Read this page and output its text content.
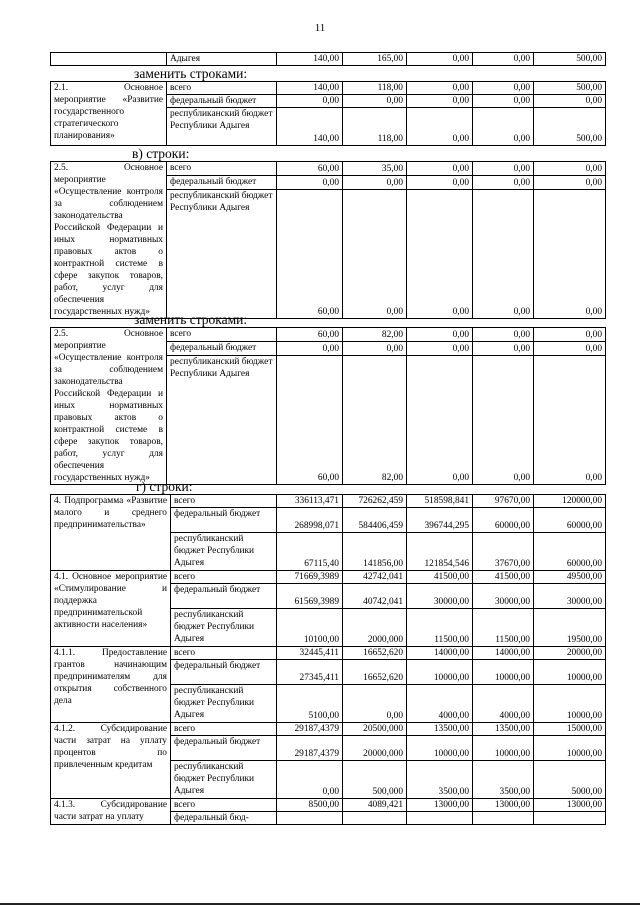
11
	Адыгея	140,00	165,00	0,00	0,00	500,00
заменить строками:
2.1. Основное мероприятие «Развитие государственного стратегического планирования»	всего	140,00	118,00	0,00	0,00	500,00
	федеральный бюджет	0,00	0,00	0,00	0,00	0,00
	республиканский бюджет Республики Адыгея	140,00	118,00	0,00	0,00	500,00
в) строки:
2.5. Основное мероприятие «Осуществление контроля за соблюдением законодательства Российской Федерации и иных нормативных правовых актов о контрактной системе в сфере закупок товаров, работ, услуг для обеспечения государственных нужд»	всего	60,00	35,00	0,00	0,00	0,00
	федеральный бюджет	0,00	0,00	0,00	0,00	0,00
	республиканский бюджет Республики Адыгея	60,00	0,00	0,00	0,00	0,00
заменить строками:
2.5. Основное мероприятие «Осуществление контроля за соблюдением законодательства Российской Федерации и иных нормативных правовых актов о контрактной системе в сфере закупок товаров, работ, услуг для обеспечения государственных нужд»	всего	60,00	82,00	0,00	0,00	0,00
	федеральный бюджет	0,00	0,00	0,00	0,00	0,00
	республиканский бюджет Республики Адыгея	60,00	82,00	0,00	0,00	0,00
г) строки:
4. Подпрограмма «Развитие малого и среднего предпринимательства»	всего	336113,471	726262,459	518598,841	97670,00	120000,00
	федеральный бюджет	268998,071	584406,459	396744,295	60000,00	60000,00
	республиканский бюджет Республики Адыгея	67115,40	141856,00	121854,546	37670,00	60000,00
4.1. Основное мероприятие «Стимулирование и поддержка предпринимательской активности населения»	всего	71669,3989	42742,041	41500,00	41500,00	49500,00
	федеральный бюджет	61569,3989	40742,041	30000,00	30000,00	30000,00
	республиканский бюджет Республики Адыгея	10100,00	2000,000	11500,00	11500,00	19500,00
4.1.1. Предоставление грантов начинающим предпринимателям для открытия собственного дела	всего	32445,411	16652,620	14000,00	14000,00	20000,00
	федеральный бюджет	27345,411	16652,620	10000,00	10000,00	10000,00
	республиканский бюджет Республики Адыгея	5100,00	0,00	4000,00	4000,00	10000,00
4.1.2. Субсидирование части затрат на уплату процентов по привлеченным кредитам	всего	29187,4379	20500,000	13500,00	13500,00	15000,00
	федеральный бюджет	29187,4379	20000,000	10000,00	10000,00	10000,00
	республиканский бюджет Республики Адыгея	0,00	500,000	3500,00	3500,00	5000,00
4.1.3. Субсидирование части затрат на уплату	всего	8500,00	4089,421	13000,00	13000,00	13000,00
	федеральный бюд-					
